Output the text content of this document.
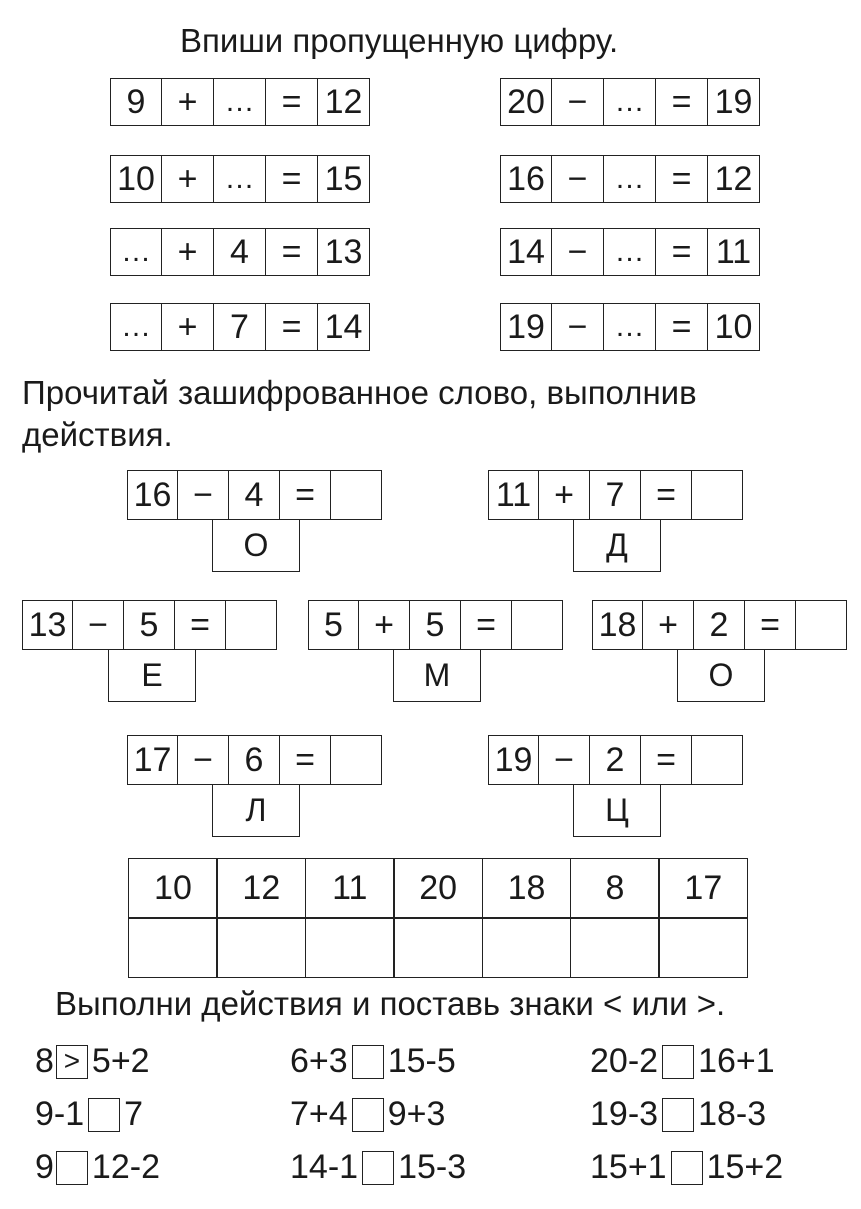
Впиши пропущенную цифру.
9 + … = 12
10 + … = 15
… + 4 = 13
… + 7 = 14
20 − … = 19
16 − … = 12
14 − … = 11
19 − … = 10
Прочитай зашифрованное слово, выполнив
действия.
16 − 4 =
О
11 + 7 =
Д
13 − 5 =
Е
5 + 5 =
М
18 + 2 =
О
17 − 6 =
Л
19 − 2 =
Ц
10	12	11	20	18	8	17
Выполни действия и поставь знаки < или >.
8 > 5+2	6+3 15-5	20-2 16+1
9-1 7	7+4 9+3	19-3 18-3
9 12-2	14-1 15-3	15+1 15+2
